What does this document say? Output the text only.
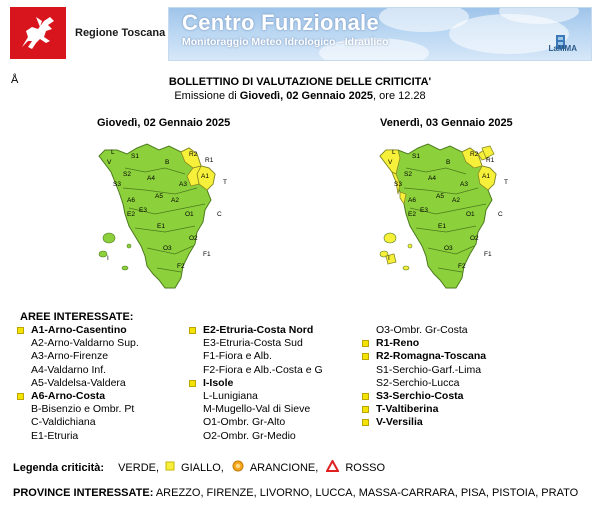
Regione Toscana Centro Funzionale
Monitoraggio Meteo Idrologico - Idraulico
LaMMA
Å	BOLLETTINO DI VALUTAZIONE DELLE CRITICITA'
Emissione di Giovedì, 02 Gennaio 2025, ore 12.28
Giovedì, 02 Gennaio 2025	Venerdì, 03 Gennaio 2025
R2
S1
V
S2
S3
A4
A3
A5
A6	A2
A1
E3
E2
E1
O1
O2
O3
F2
F1
T
R1
C
I
B
L	R2
S1
V
S2
S3
A4
A3
A5
A6	A2
A1
E3
E2
E1
O1
O2
O3
F2
F1
T
R1
C
I
B
L
AREE INTERESSATE:
A1-Arno-Casentino
A2-Arno-Valdarno Sup.
A3-Arno-Firenze
A4-Valdarno Inf.
A5-Valdelsa-Valdera
A6-Arno-Costa
B-Bisenzio e Ombr. Pt
C-Valdichiana
E1-Etruria
E2-Etruria-Costa Nord
E3-Etruria-Costa Sud
F1-Fiora e Alb.
F2-Fiora e Alb.-Costa e G
I-Isole
L-Lunigiana
M-Mugello-Val di Sieve
O1-Ombr. Gr-Alto
O2-Ombr. Gr-Medio
O3-Ombr. Gr-Costa
R1-Reno
R2-Romagna-Toscana
S1-Serchio-Garf.-Lima
S2-Serchio-Lucca
S3-Serchio-Costa
T-Valtiberina
V-Versilia
Legenda criticità: VERDE, GIALLO, ARANCIONE, ROSSO
PROVINCE INTERESSATE: AREZZO, FIRENZE, LIVORNO, LUCCA, MASSA-CARRARA, PISA, PISTOIA, PRATO
